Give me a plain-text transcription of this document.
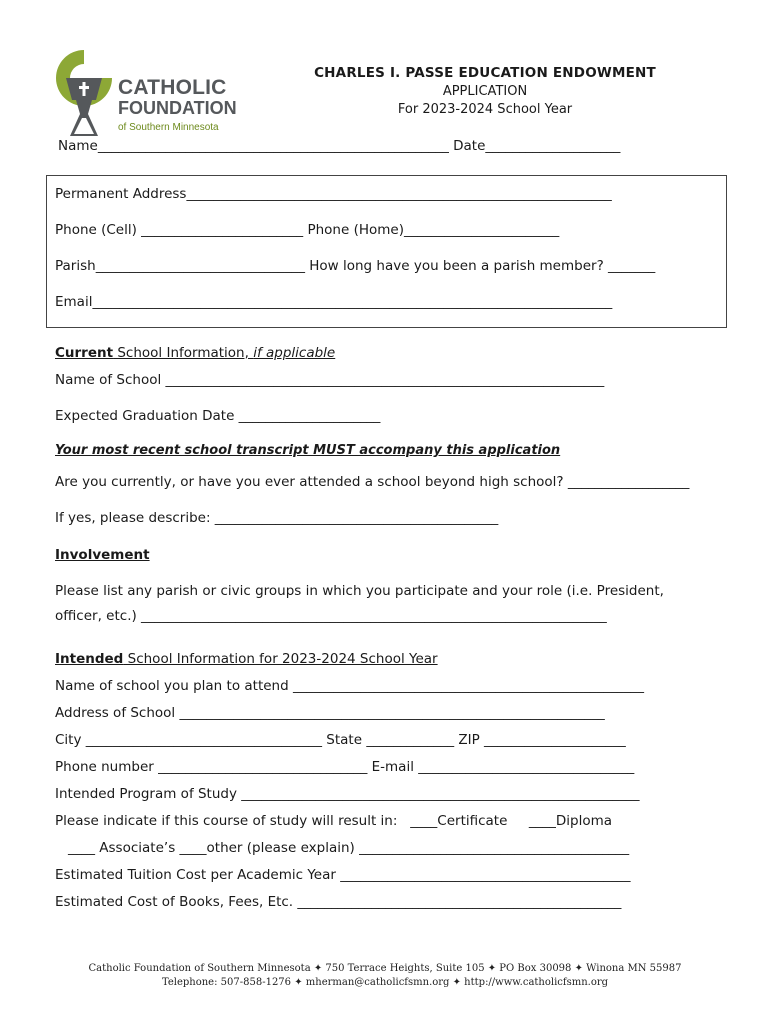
CATHOLIC
FOUNDATION
of Southern Minnesota
CHARLES I. PASSE EDUCATION ENDOWMENT
APPLICATION
For 2023-2024 School Year
Name____________________________________________________ Date____________________
Permanent Address_______________________________________________________________
Phone (Cell) ________________________ Phone (Home)_______________________
Parish_______________________________ How long have you been a parish member? _______
Email_____________________________________________________________________________
Current School Information, if applicable
Name of School _________________________________________________________________
Expected Graduation Date _____________________
Your most recent school transcript MUST accompany this application
Are you currently, or have you ever attended a school beyond high school? __________________
If yes, please describe: __________________________________________
Involvement
Please list any parish or civic groups in which you participate and your role (i.e. President,
officer, etc.) _____________________________________________________________________
Intended School Information for 2023-2024 School Year
Name of school you plan to attend ____________________________________________________
Address of School _______________________________________________________________
City ___________________________________ State _____________ ZIP _____________________
Phone number _______________________________ E-mail ________________________________
Intended Program of Study ___________________________________________________________
Please indicate if this course of study will result in:   ____Certificate     ____Diploma
____ Associate’s ____other (please explain) ________________________________________
Estimated Tuition Cost per Academic Year ___________________________________________
Estimated Cost of Books, Fees, Etc. ________________________________________________
Catholic Foundation of Southern Minnesota ✦ 750 Terrace Heights, Suite 105 ✦ PO Box 30098 ✦ Winona MN 55987
Telephone: 507-858-1276 ✦ mherman@catholicfsmn.org ✦ http://www.catholicfsmn.org
